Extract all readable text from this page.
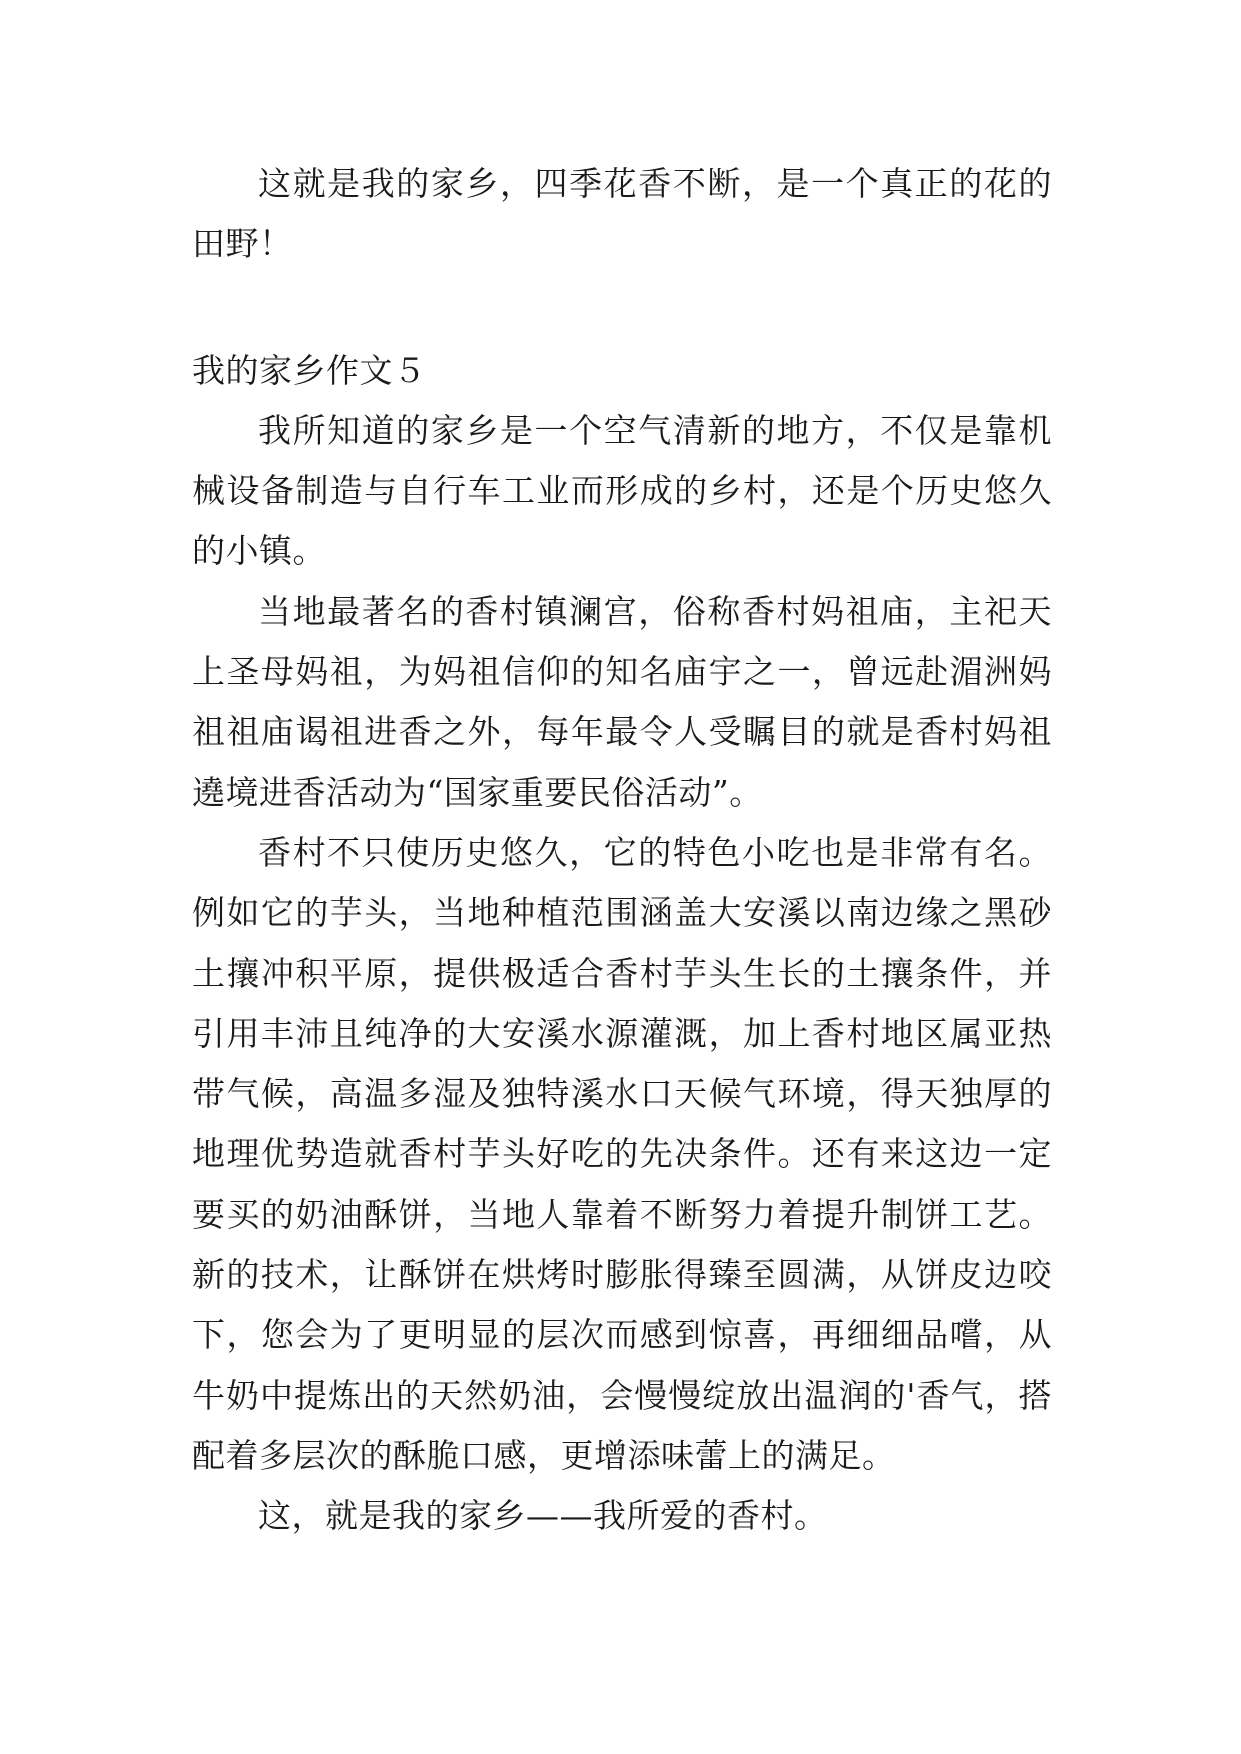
这就是我的家乡，四季花香不断，是一个真正的花的田野！

我的家乡作文５

我所知道的家乡是一个空气清新的地方，不仅是靠机械设备制造与自行车工业而形成的乡村，还是个历史悠久的小镇。

当地最著名的香村镇澜宫，俗称香村妈祖庙，主祀天上圣母妈祖，为妈祖信仰的知名庙宇之一，曾远赴湄洲妈祖祖庙谒祖进香之外，每年最令人受瞩目的就是香村妈祖遶境进香活动为“国家重要民俗活动”。

香村不只使历史悠久，它的特色小吃也是非常有名。例如它的芋头，当地种植范围涵盖大安溪以南边缘之黑砂土攘冲积平原，提供极适合香村芋头生长的土攘条件，并引用丰沛且纯净的大安溪水源灌溉，加上香村地区属亚热带气候，高温多湿及独特溪水口天候气环境，得天独厚的地理优势造就香村芋头好吃的先决条件。还有来这边一定要买的奶油酥饼，当地人靠着不断努力着提升制饼工艺。新的技术，让酥饼在烘烤时膨胀得臻至圆满，从饼皮边咬下，您会为了更明显的层次而感到惊喜，再细细品嚐，从牛奶中提炼出的天然奶油，会慢慢绽放出温润的'香气，搭配着多层次的酥脆口感，更增添味蕾上的满足。

这，就是我的家乡——我所爱的香村。
